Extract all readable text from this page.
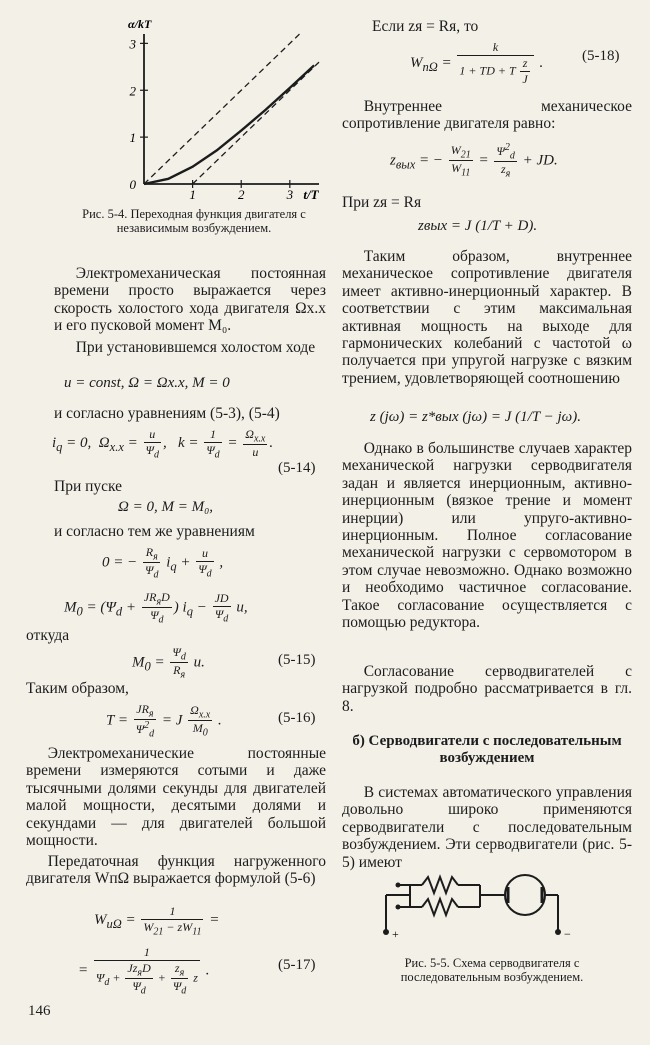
1
2
3
1	2	3
0
α/kT
t/T
Рис. 5-4. Переходная функция двигателя с независимым возбуждением.
Электромеханическая постоянная времени просто выражается через скорость холостого хода двигателя Ωх.х и его пусковой момент M₀.
При установившемся холостом ходе
u = const, Ω = Ωх.х, M = 0
и согласно уравнениям (5-3), (5-4)
$i_q = 0$,  $\Omega_{х.х} = \frac{u}{\Psi_d}$ ,   $k = \frac{1}{\Psi_d} = \frac{\Omega_{х.х}}{u}$ .
(5-14)
При пуске
Ω = 0, M = M₀,
и согласно тем же уравнениям
0 = − $\frac{R_я}{\Psi_d} i_q + \frac{u}{\Psi_d}$ ,
$M_0 = (\Psi_d + \frac{JR_яD}{\Psi_d}$ ) $i_q - \frac{JD}{\Psi_d} u$,
откуда
$M_0 = \frac{\Psi_d}{R_я} u$.	(5-15)
Таким образом,
$T = \frac{JR_я}{\Psi^2_d} = J \frac{\Omega_{х.х}}{M_0}$ .	(5-16)
Электромеханические постоянные времени измеряются сотыми и даже тысячными долями секунды для двигателей малой мощности, десятыми долями и секундами — для двигателей большой мощности.
Передаточная функция нагруженного двигателя WпΩ выражается формулой (5-6)
$W_{u\Omega} = \frac{1}{W_{21} - zW_{11}}$ =
= $\frac{1}{\Psi_d + \frac{Jz_яD}{\Psi_d} + \frac{z_я}{\Psi_d} z}$ .	(5-17)
146
Если zя = Rя, то
$W_{п\Omega} = \frac{k}{1 + TD + T \frac{z}{J}}$ .	(5-18)
Внутреннее механическое сопротивление двигателя равно:
$z_{вых}$ = − $\frac{W_{21}}{W_{11}} = \frac{\Psi^2_d}{z_я}$ + JD.
При zя = Rя
zвых = J (1/T + D).
Таким образом, внутреннее механическое сопротивление двигателя имеет активно-инерционный характер. В соответствии с этим максимальная активная мощность на выходе для гармонических колебаний с частотой ω получается при упругой нагрузке с вязким трением, удовлетворяющей соотношению
z (jω) = z*вых (jω) = J (1/T − jω).
Однако в большинстве случаев характер механической нагрузки серводвигателя задан и является инерционным, активно-инерционным (вязкое трение и момент инерции) или упруго-активно-инерционным. Полное согласование механической нагрузки с сервомотором в этом случае невозможно. Однако возможно и необходимо частичное согласование. Такое согласование осуществляется с помощью редуктора.
Согласование серводвигателей с нагрузкой подробно рассматривается в гл. 8.
б) Серводвигатели с последовательным возбуждением
В системах автоматического управления довольно широко применяются серводвигатели с последовательным возбуждением. Эти серводвигатели (рис. 5-5) имеют
+	−
Рис. 5-5. Схема серводвигателя с последовательным возбуждением.
